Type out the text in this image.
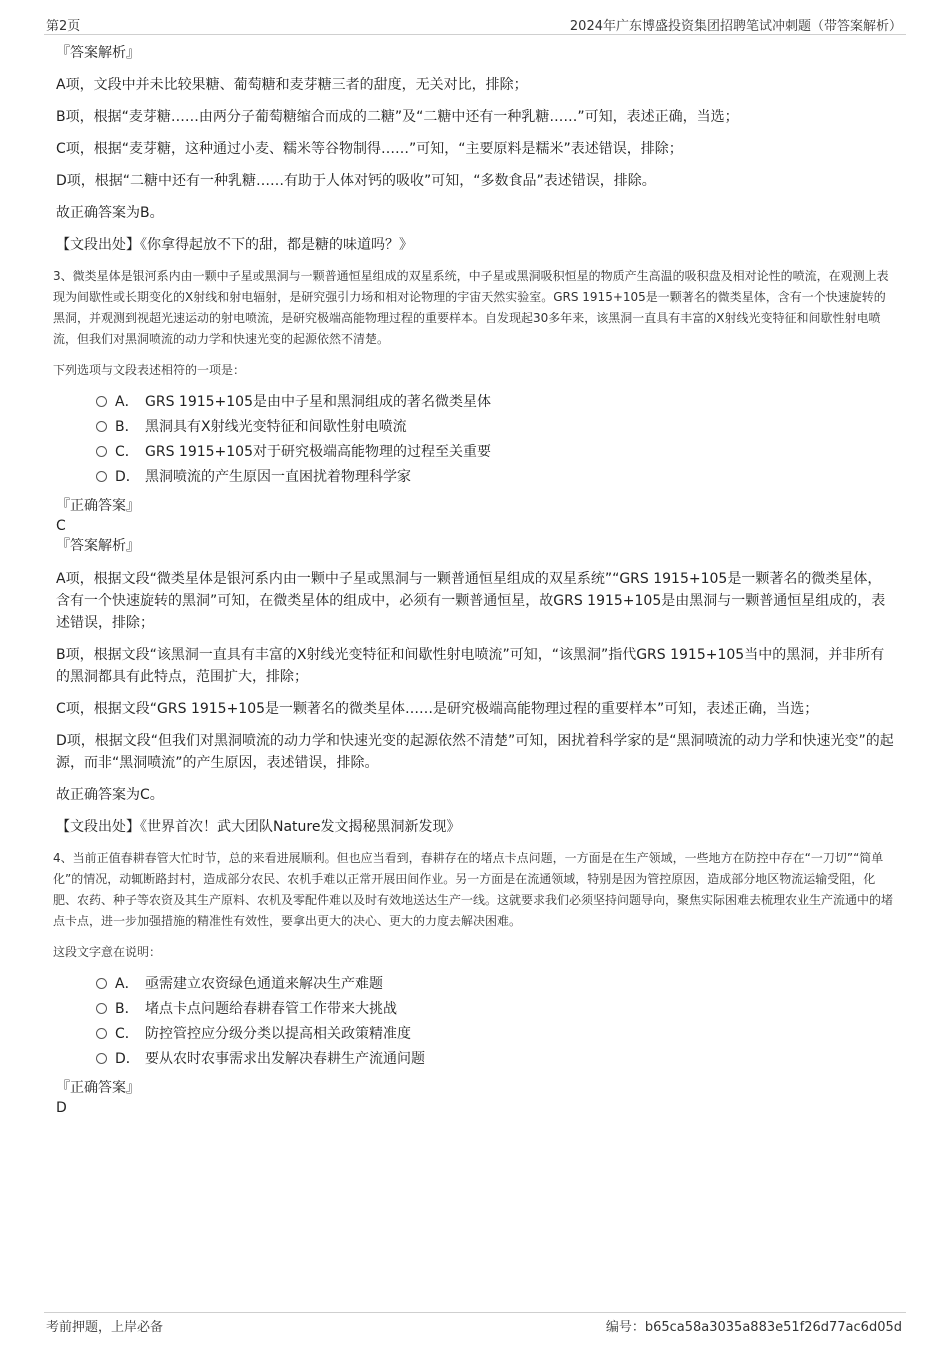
第2页	2024年广东博盛投资集团招聘笔试冲刺题（带答案解析）
『答案解析』
A项，文段中并未比较果糖、葡萄糖和麦芽糖三者的甜度，无关对比，排除；
B项，根据“麦芽糖……由两分子葡萄糖缩合而成的二糖”及“二糖中还有一种乳糖……”可知，表述正确，当选；
C项，根据“麦芽糖，这种通过小麦、糯米等谷物制得……”可知，“主要原料是糯米”表述错误，排除；
D项，根据“二糖中还有一种乳糖……有助于人体对钙的吸收”可知，“多数食品”表述错误，排除。
故正确答案为B。
【文段出处】《你拿得起放不下的甜，都是糖的味道吗？》
3、微类星体是银河系内由一颗中子星或黑洞与一颗普通恒星组成的双星系统，中子星或黑洞吸积恒星的物质产生高温的吸积盘及相对论性的喷流，在观测上表现为间歇性或长期变化的X射线和射电辐射，是研究强引力场和相对论物理的宇宙天然实验室。GRS 1915+105是一颗著名的微类星体，含有一个快速旋转的黑洞，并观测到视超光速运动的射电喷流，是研究极端高能物理过程的重要样本。自发现起30多年来，该黑洞一直具有丰富的X射线光变特征和间歇性射电喷流，但我们对黑洞喷流的动力学和快速光变的起源依然不清楚。
下列选项与文段表述相符的一项是：
A． GRS 1915+105是由中子星和黑洞组成的著名微类星体
B． 黑洞具有X射线光变特征和间歇性射电喷流
C． GRS 1915+105对于研究极端高能物理的过程至关重要
D． 黑洞喷流的产生原因一直困扰着物理科学家
『正确答案』
C
『答案解析』
A项，根据文段“微类星体是银河系内由一颗中子星或黑洞与一颗普通恒星组成的双星系统”“GRS 1915+105是一颗著名的微类星体，含有一个快速旋转的黑洞”可知，在微类星体的组成中，必须有一颗普通恒星，故GRS 1915+105是由黑洞与一颗普通恒星组成的，表述错误，排除；
B项，根据文段“该黑洞一直具有丰富的X射线光变特征和间歇性射电喷流”可知，“该黑洞”指代GRS 1915+105当中的黑洞，并非所有的黑洞都具有此特点，范围扩大，排除；
C项，根据文段“GRS 1915+105是一颗著名的微类星体……是研究极端高能物理过程的重要样本”可知，表述正确，当选；
D项，根据文段“但我们对黑洞喷流的动力学和快速光变的起源依然不清楚”可知，困扰着科学家的是“黑洞喷流的动力学和快速光变”的起源，而非“黑洞喷流”的产生原因，表述错误，排除。
故正确答案为C。
【文段出处】《世界首次！武大团队Nature发文揭秘黑洞新发现》
4、当前正值春耕春管大忙时节，总的来看进展顺利。但也应当看到，春耕存在的堵点卡点问题，一方面是在生产领域，一些地方在防控中存在“一刀切”“简单化”的情况，动辄断路封村，造成部分农民、农机手难以正常开展田间作业。另一方面是在流通领域，特别是因为管控原因，造成部分地区物流运输受阻，化肥、农药、种子等农资及其生产原料、农机及零配件难以及时有效地送达生产一线。这就要求我们必须坚持问题导向，聚焦实际困难去梳理农业生产流通中的堵点卡点，进一步加强措施的精准性有效性，要拿出更大的决心、更大的力度去解决困难。
这段文字意在说明：
A． 亟需建立农资绿色通道来解决生产难题
B． 堵点卡点问题给春耕春管工作带来大挑战
C． 防控管控应分级分类以提高相关政策精准度
D． 要从农时农事需求出发解决春耕生产流通问题
『正确答案』
D
考前押题，上岸必备	编号：b65ca58a3035a883e51f26d77ac6d05d
